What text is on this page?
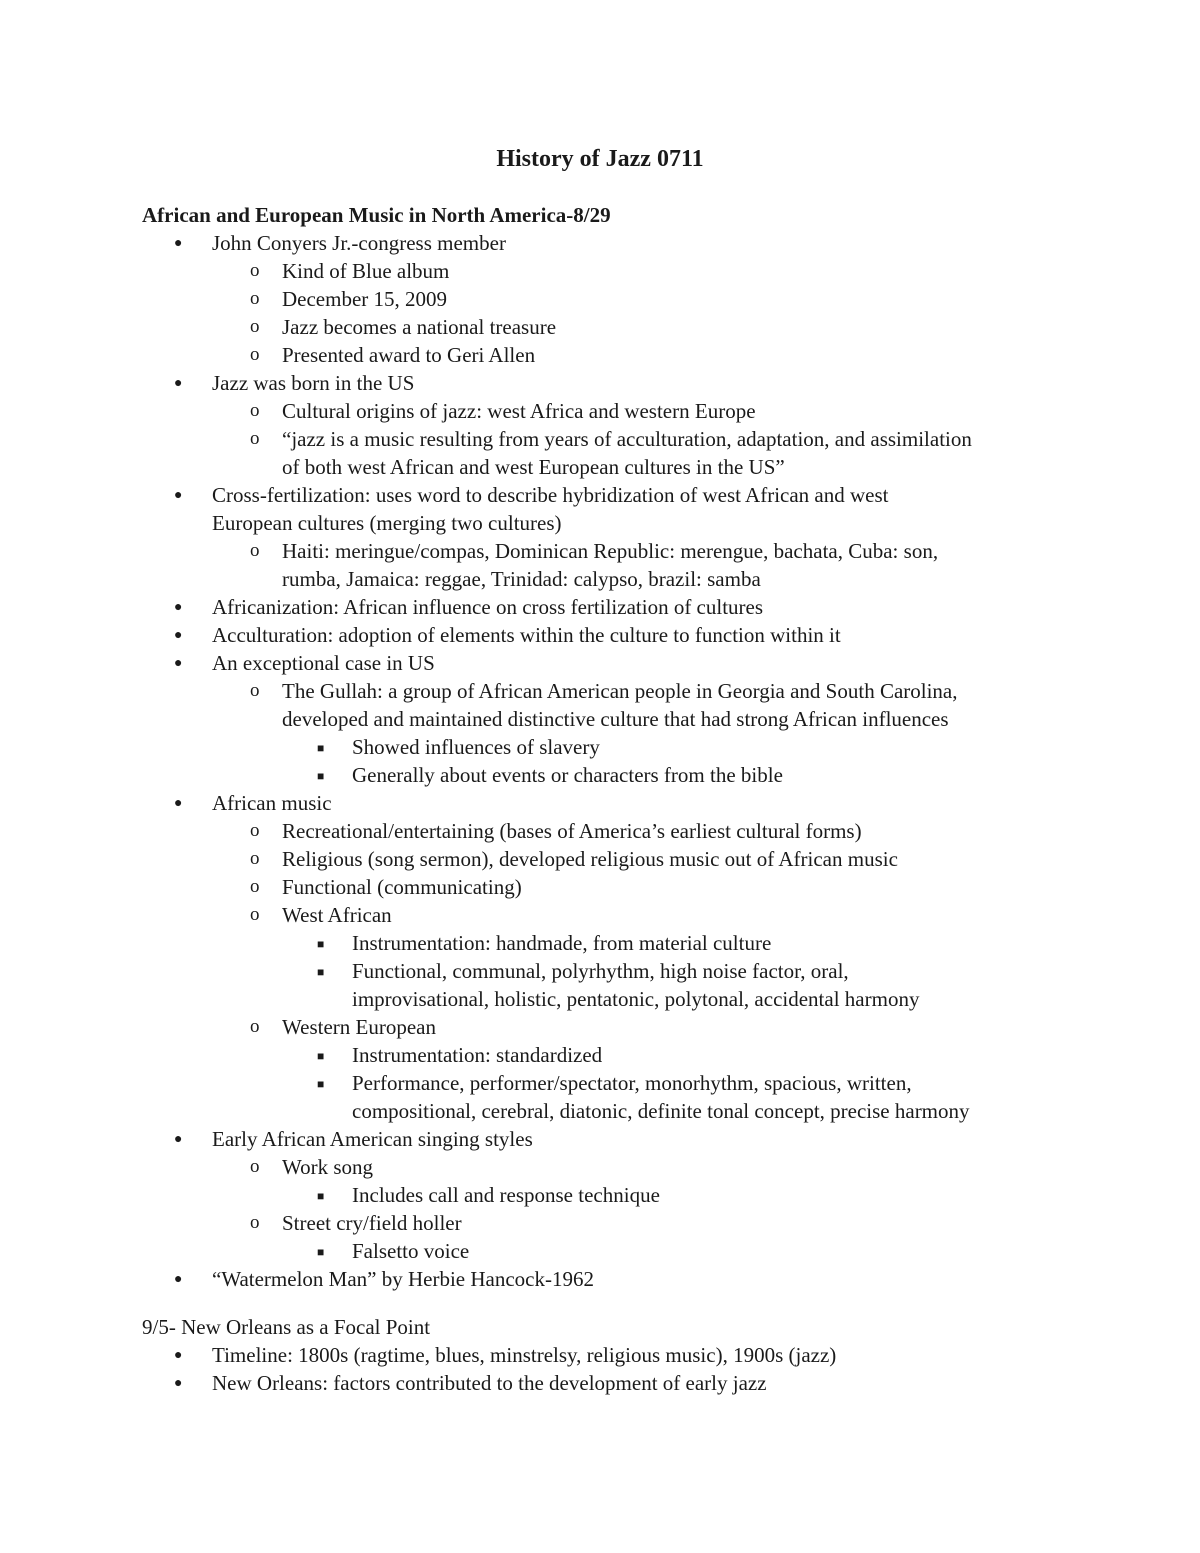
History of Jazz 0711
African and European Music in North America-8/29
● John Conyers Jr.-congress member
o Kind of Blue album
o December 15, 2009
o Jazz becomes a national treasure
o Presented award to Geri Allen
● Jazz was born in the US
o Cultural origins of jazz: west Africa and western Europe
o “jazz is a music resulting from years of acculturation, adaptation, and assimilation
of both west African and west European cultures in the US”
● Cross-fertilization: uses word to describe hybridization of west African and west
European cultures (merging two cultures)
o Haiti: meringue/compas, Dominican Republic: merengue, bachata, Cuba: son,
rumba, Jamaica: reggae, Trinidad: calypso, brazil: samba
● Africanization: African influence on cross fertilization of cultures
● Acculturation: adoption of elements within the culture to function within it
● An exceptional case in US
o The Gullah: a group of African American people in Georgia and South Carolina,
developed and maintained distinctive culture that had strong African influences
■ Showed influences of slavery
■ Generally about events or characters from the bible
● African music
o Recreational/entertaining (bases of America’s earliest cultural forms)
o Religious (song sermon), developed religious music out of African music
o Functional (communicating)
o West African
■ Instrumentation: handmade, from material culture
■ Functional, communal, polyrhythm, high noise factor, oral,
improvisational, holistic, pentatonic, polytonal, accidental harmony
o Western European
■ Instrumentation: standardized
■ Performance, performer/spectator, monorhythm, spacious, written,
compositional, cerebral, diatonic, definite tonal concept, precise harmony
● Early African American singing styles
o Work song
■ Includes call and response technique
o Street cry/field holler
■ Falsetto voice
● “Watermelon Man” by Herbie Hancock-1962
9/5- New Orleans as a Focal Point
● Timeline: 1800s (ragtime, blues, minstrelsy, religious music), 1900s (jazz)
● New Orleans: factors contributed to the development of early jazz
